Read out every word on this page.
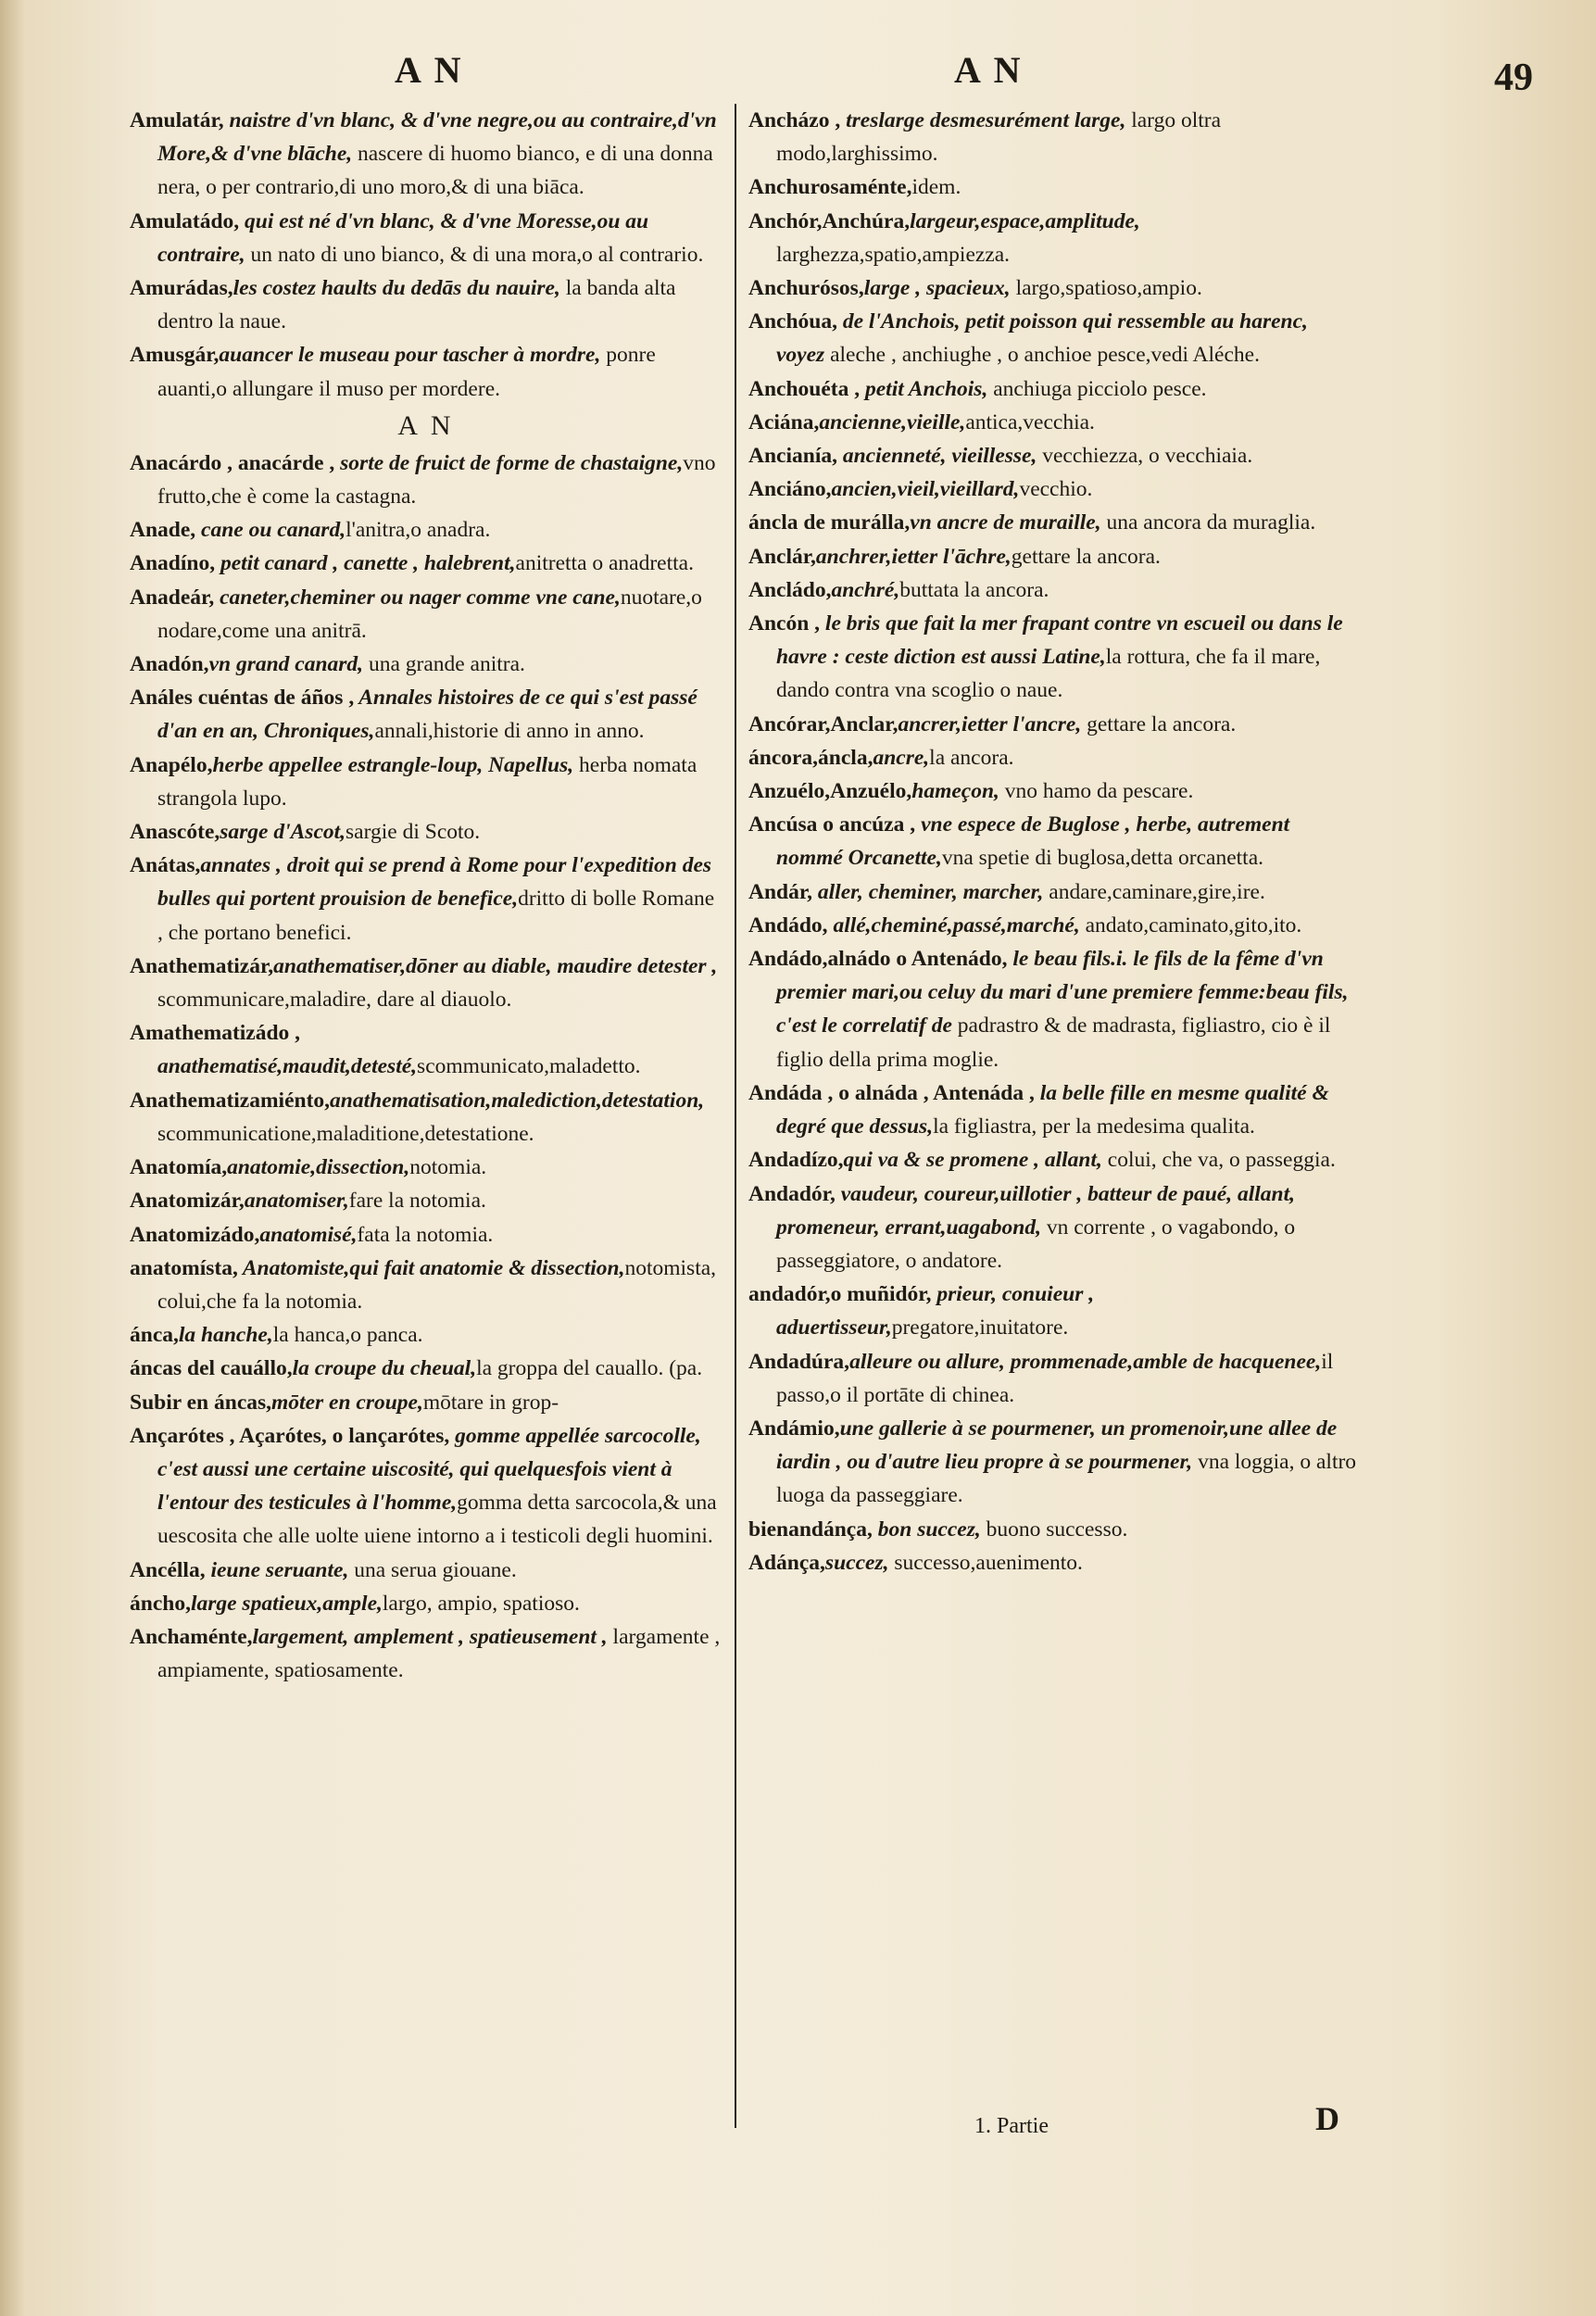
A N	A N	49

Amulatár, naistre d'vn blanc, & d'vne negre,ou au contraire,d'vn More,& d'vne blāche, nascere di huomo bianco, e di una donna nera, o per contrario,di uno moro,& di una biāca.

Amulatádo, qui est né d'vn blanc, & d'vne Moresse,ou au contraire, un nato di uno bianco, & di una mora,o al contrario.

Amurádas,les costez haults du dedās du nauire, la banda alta dentro la naue.

Amusgár,auancer le museau pour tascher à mordre, ponre auanti,o allungare il muso per mordere.

A N

Anacárdo , anacárde , sorte de fruict de forme de chastaigne,vno frutto,che è come la castagna.

Anade, cane ou canard,l'anitra,o anadra.

Anadíno, petit canard , canette , halebrent,anitretta o anadretta.

Anadeár, caneter,cheminer ou nager comme vne cane,nuotare,o nodare,come una anitrā.

Anadón,vn grand canard, una grande anitra.

Análes cuéntas de áños , Annales histoires de ce qui s'est passé d'an en an, Chroniques,annali,historie di anno in anno.

Anapélo,herbe appellee estrangle-loup, Napellus, herba nomata strangola lupo.

Anascóte,sarge d'Ascot,sargie di Scoto.

Anátas,annates , droit qui se prend à Rome pour l'expedition des bulles qui portent prouision de benefice,dritto di bolle Romane , che portano benefici.

Anathematizár,anathematiser,dōner au diable, maudire detester , scommunicare,maladire, dare al diauolo.

Amathematizádo , anathematisé,maudit,detesté,scommunicato,maladetto.

Anathematizamiénto,anathematisation,malediction,detestation, scommunicatione,maladitione,detestatione.

Anatomía,anatomie,dissection,notomia.

Anatomizár,anatomiser,fare la notomia.

Anatomizádo,anatomisé,fata la notomia.

anatomísta, Anatomiste,qui fait anatomie & dissection,notomista, colui,che fa la notomia.

ánca,la hanche,la hanca,o panca.

áncas del cauállo,la croupe du cheual,la groppa del cauallo. (pa.

Subir en áncas,mōter en croupe,mōtare in grop-

Ançarótes , Açarótes, o lançarótes, gomme appellée sarcocolle, c'est aussi une certaine uiscosité, qui quelquesfois vient à l'entour des testicules à l'homme,gomma detta sarcocola,& una uescosita che alle uolte uiene intorno a i testicoli degli huomini.

Ancélla, ieune seruante, una serua giouane.

áncho,large spatieux,ample,largo, ampio, spatioso.

Anchaménte,largement, amplement , spatieusement , largamente , ampiamente, spatiosamente.

Ancházo , treslarge desmesurément large, largo oltra modo,larghissimo.

Anchurosaménte,idem.

Anchór,Anchúra,largeur,espace,amplitude, larghezza,spatio,ampiezza.

Anchurósos,large , spacieux, largo,spatioso,ampio.

Anchóua, de l'Anchois, petit poisson qui ressemble au harenc, voyez aleche , anchiughe , o anchioe pesce,vedi Aléche.

Anchouéta , petit Anchois, anchiuga picciolo pesce.

Aciána,ancienne,vieille,antica,vecchia.

Ancianía, ancienneté, vieillesse, vecchiezza, o vecchiaia.

Anciáno,ancien,vieil,vieillard,vecchio.

áncla de murálla,vn ancre de muraille, una ancora da muraglia.

Anclár,anchrer,ietter l'āchre,gettare la ancora.

Ancládo,anchré,buttata la ancora.

Ancón , le bris que fait la mer frapant contre vn escueil ou dans le havre : ceste diction est aussi Latine,la rottura, che fa il mare, dando contra vna scoglio o naue.

Ancórar,Anclar,ancrer,ietter l'ancre, gettare la ancora.

áncora,áncla,ancre,la ancora.

Anzuélo,Anzuélo,hameçon, vno hamo da pescare.

Ancúsa o ancúza , vne espece de Buglose , herbe, autrement nommé Orcanette,vna spetie di buglosa,detta orcanetta.

Andár, aller, cheminer, marcher, andare,caminare,gire,ire.

Andádo, allé,cheminé,passé,marché, andato,caminato,gito,ito.

Andádo,alnádo o Antenádo, le beau fils.i. le fils de la fême d'vn premier mari,ou celuy du mari d'une premiere femme:beau fils, c'est le correlatif de padrastro & de madrasta, figliastro, cio è il figlio della prima moglie.

Andáda , o alnáda , Antenáda , la belle fille en mesme qualité & degré que dessus,la figliastra, per la medesima qualita.

Andadízo,qui va & se promene , allant, colui, che va, o passeggia.

Andadór, vaudeur, coureur,uillotier , batteur de paué, allant, promeneur, errant,uagabond, vn corrente , o vagabondo, o passeggiatore, o andatore.

andadór,o muñidór, prieur, conuieur , aduertisseur,pregatore,inuitatore.

Andadúra,alleure ou allure, prommenade,amble de hacquenee,il passo,o il portāte di chinea.

Andámio,une gallerie à se pourmener, un promenoir,une allee de iardin , ou d'autre lieu propre à se pourmener, vna loggia, o altro luoga da passeggiare.

bienandánça, bon succez, buono successo.

Adánça,succez, successo,auenimento.

1. Partie	D
